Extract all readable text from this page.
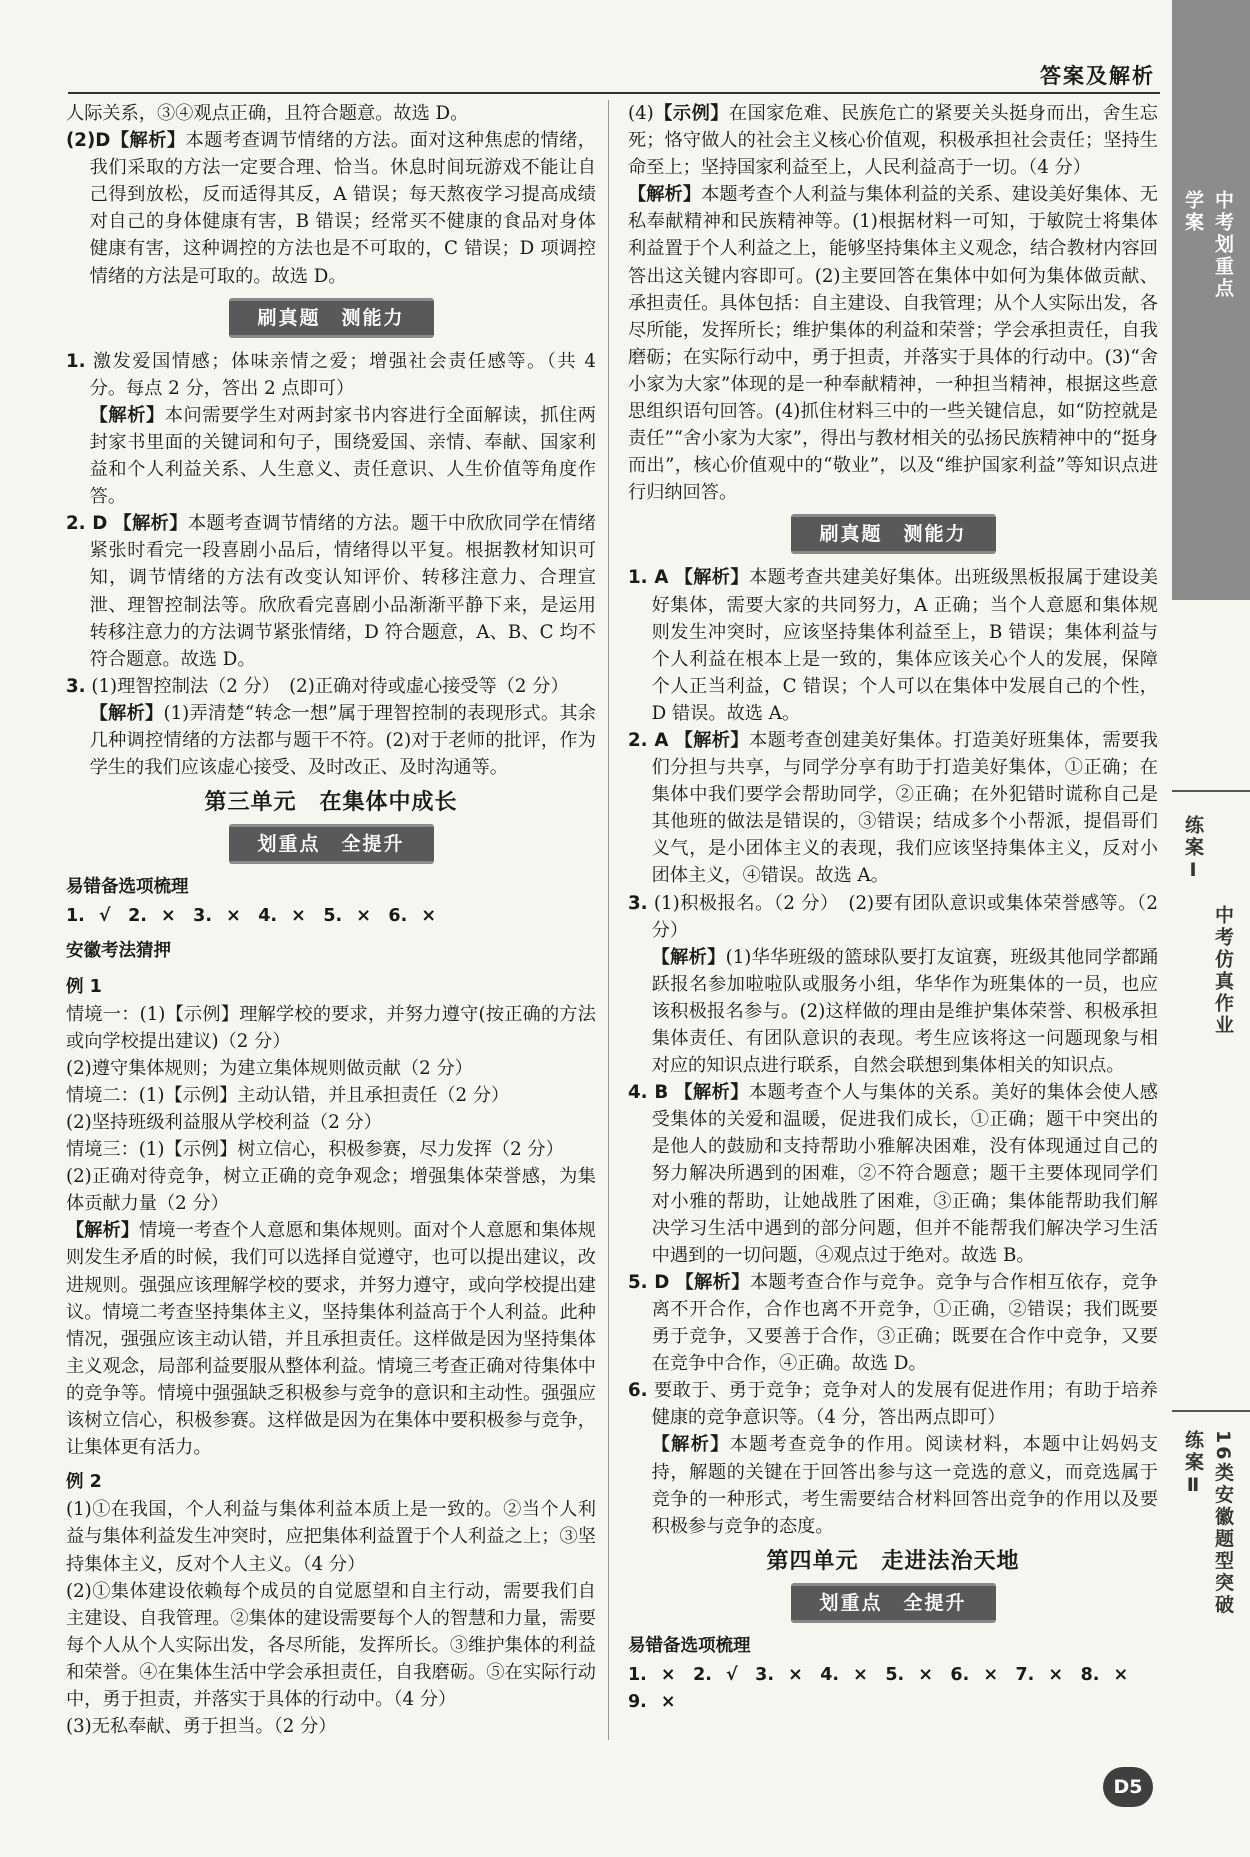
答案及解析

人际关系，③④观点正确，且符合题意。故选 D。

(2)D【解析】本题考查调节情绪的方法。面对这种焦虑的情绪，我们采取的方法一定要合理、恰当。休息时间玩游戏不能让自己得到放松，反而适得其反，A 错误；每天熬夜学习提高成绩对自己的身体健康有害，B 错误；经常买不健康的食品对身体健康有害，这种调控的方法也是不可取的，C 错误；D 项调控情绪的方法是可取的。故选 D。

刷真题　测能力

1. 激发爱国情感；体味亲情之爱；增强社会责任感等。（共 4 分。每点 2 分，答出 2 点即可）

【解析】本问需要学生对两封家书内容进行全面解读，抓住两封家书里面的关键词和句子，围绕爱国、亲情、奉献、国家利益和个人利益关系、人生意义、责任意识、人生价值等角度作答。

2. D 【解析】本题考查调节情绪的方法。题干中欣欣同学在情绪紧张时看完一段喜剧小品后，情绪得以平复。根据教材知识可知，调节情绪的方法有改变认知评价、转移注意力、合理宣泄、理智控制法等。欣欣看完喜剧小品渐渐平静下来，是运用转移注意力的方法调节紧张情绪，D 符合题意，A、B、C 均不符合题意。故选 D。

3. (1)理智控制法（2 分）　(2)正确对待或虚心接受等（2 分）

【解析】(1)弄清楚“转念一想”属于理智控制的表现形式。其余几种调控情绪的方法都与题干不符。(2)对于老师的批评，作为学生的我们应该虚心接受、及时改正、及时沟通等。

第三单元　在集体中成长
划重点　全提升
易错备选项梳理
1. √　2. ×　3. ×　4. ×　5. ×　6. ×
安徽考法猜押
例 1

情境一：(1)【示例】理解学校的要求，并努力遵守(按正确的方法或向学校提出建议)（2 分）

(2)遵守集体规则；为建立集体规则做贡献（2 分）

情境二：(1)【示例】主动认错，并且承担责任（2 分）

(2)坚持班级利益服从学校利益（2 分）

情境三：(1)【示例】树立信心，积极参赛，尽力发挥（2 分）

(2)正确对待竞争，树立正确的竞争观念；增强集体荣誉感，为集体贡献力量（2 分）

【解析】情境一考查个人意愿和集体规则。面对个人意愿和集体规则发生矛盾的时候，我们可以选择自觉遵守，也可以提出建议，改进规则。强强应该理解学校的要求，并努力遵守，或向学校提出建议。情境二考查坚持集体主义，坚持集体利益高于个人利益。此种情况，强强应该主动认错，并且承担责任。这样做是因为坚持集体主义观念，局部利益要服从整体利益。情境三考查正确对待集体中的竞争等。情境中强强缺乏积极参与竞争的意识和主动性。强强应该树立信心，积极参赛。这样做是因为在集体中要积极参与竞争，让集体更有活力。

例 2

(1)①在我国，个人利益与集体利益本质上是一致的。②当个人利益与集体利益发生冲突时，应把集体利益置于个人利益之上；③坚持集体主义，反对个人主义。（4 分）

(2)①集体建设依赖每个成员的自觉愿望和自主行动，需要我们自主建设、自我管理。②集体的建设需要每个人的智慧和力量，需要每个人从个人实际出发，各尽所能，发挥所长。③维护集体的利益和荣誉。④在集体生活中学会承担责任，自我磨砺。⑤在实际行动中，勇于担责，并落实于具体的行动中。（4 分）

(3)无私奉献、勇于担当。（2 分）

(4)【示例】在国家危难、民族危亡的紧要关头挺身而出，舍生忘死；恪守做人的社会主义核心价值观，积极承担社会责任；坚持生命至上；坚持国家利益至上，人民利益高于一切。（4 分）

【解析】本题考查个人利益与集体利益的关系、建设美好集体、无私奉献精神和民族精神等。(1)根据材料一可知，于敏院士将集体利益置于个人利益之上，能够坚持集体主义观念，结合教材内容回答出这关键内容即可。(2)主要回答在集体中如何为集体做贡献、承担责任。具体包括：自主建设、自我管理；从个人实际出发，各尽所能，发挥所长；维护集体的利益和荣誉；学会承担责任，自我磨砺；在实际行动中，勇于担责，并落实于具体的行动中。(3)“舍小家为大家”体现的是一种奉献精神，一种担当精神，根据这些意思组织语句回答。(4)抓住材料三中的一些关键信息，如“防控就是责任”“舍小家为大家”，得出与教材相关的弘扬民族精神中的“挺身而出”，核心价值观中的“敬业”，以及“维护国家利益”等知识点进行归纳回答。

刷真题　测能力

1. A 【解析】本题考查共建美好集体。出班级黑板报属于建设美好集体，需要大家的共同努力，A 正确；当个人意愿和集体规则发生冲突时，应该坚持集体利益至上，B 错误；集体利益与个人利益在根本上是一致的，集体应该关心个人的发展，保障个人正当利益，C 错误；个人可以在集体中发展自己的个性，D 错误。故选 A。

2. A 【解析】本题考查创建美好集体。打造美好班集体，需要我们分担与共享，与同学分享有助于打造美好集体，①正确；在集体中我们要学会帮助同学，②正确；在外犯错时谎称自己是其他班的做法是错误的，③错误；结成多个小帮派，提倡哥们义气，是小团体主义的表现，我们应该坚持集体主义，反对小团体主义，④错误。故选 A。

3. (1)积极报名。（2 分）　(2)要有团队意识或集体荣誉感等。（2 分）

【解析】(1)华华班级的篮球队要打友谊赛，班级其他同学都踊跃报名参加啦啦队或服务小组，华华作为班集体的一员，也应该积极报名参与。(2)这样做的理由是维护集体荣誉、积极承担集体责任、有团队意识的表现。考生应该将这一问题现象与相对应的知识点进行联系，自然会联想到集体相关的知识点。

4. B 【解析】本题考查个人与集体的关系。美好的集体会使人感受集体的关爱和温暖，促进我们成长，①正确；题干中突出的是他人的鼓励和支持帮助小雅解决困难，没有体现通过自己的努力解决所遇到的困难，②不符合题意；题干主要体现同学们对小雅的帮助，让她战胜了困难，③正确；集体能帮助我们解决学习生活中遇到的部分问题，但并不能帮我们解决学习生活中遇到的一切问题，④观点过于绝对。故选 B。

5. D 【解析】本题考查合作与竞争。竞争与合作相互依存，竞争离不开合作，合作也离不开竞争，①正确，②错误；我们既要勇于竞争，又要善于合作，③正确；既要在合作中竞争，又要在竞争中合作，④正确。故选 D。

6. 要敢于、勇于竞争；竞争对人的发展有促进作用；有助于培养健康的竞争意识等。（4 分，答出两点即可）

【解析】本题考查竞争的作用。阅读材料，本题中让妈妈支持，解题的关键在于回答出参与这一竞选的意义，而竞选属于竞争的一种形式，考生需要结合材料回答出竞争的作用以及要积极参与竞争的态度。

第四单元　走进法治天地
划重点　全提升
易错备选项梳理
1. ×　2. √　3. ×　4. ×　5. ×　6. ×　7. ×　8. ×　9. ×
学案 中考划重点
练案Ⅰ
中考仿真作业
练案Ⅱ 16类安徽题型突破
D5
